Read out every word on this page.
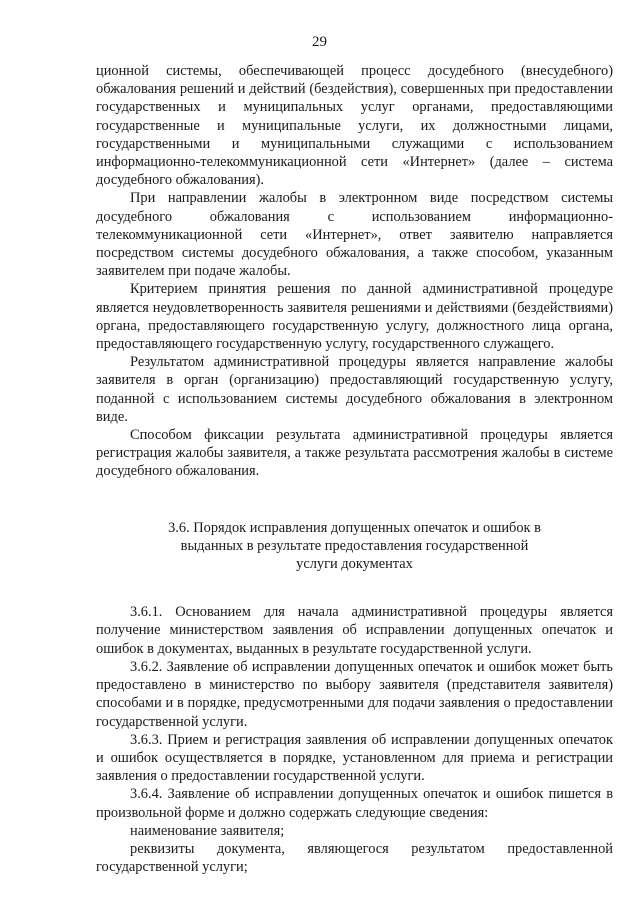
29

ционной системы, обеспечивающей процесс досудебного (внесудебного) обжалования решений и действий (бездействия), совершенных при предоставлении государственных и муниципальных услуг органами, предоставляющими государственные и муниципальные услуги, их должностными лицами, государственными и муниципальными служащими с использованием информационно-телекоммуникационной сети «Интернет» (далее – система досудебного обжалования).

При направлении жалобы в электронном виде посредством системы досудебного обжалования с использованием информационно-телекоммуникационной сети «Интернет», ответ заявителю направляется посредством системы досудебного обжалования, а также способом, указанным заявителем при подаче жалобы.

Критерием принятия решения по данной административной процедуре является неудовлетворенность заявителя решениями и действиями (бездействиями) органа, предоставляющего государственную услугу, должностного лица органа, предоставляющего государственную услугу, государственного служащего.

Результатом административной процедуры является направление жалобы заявителя в орган (организацию) предоставляющий государственную услугу, поданной с использованием системы досудебного обжалования в электронном виде.

Способом фиксации результата административной процедуры является регистрация жалобы заявителя, а также результата рассмотрения жалобы в системе досудебного обжалования.

3.6. Порядок исправления допущенных опечаток и ошибок в
выданных в результате предоставления государственной
услуги документах

3.6.1. Основанием для начала административной процедуры является получение министерством заявления об исправлении допущенных опечаток и ошибок в документах, выданных в результате государственной услуги.

3.6.2. Заявление об исправлении допущенных опечаток и ошибок может быть предоставлено в министерство по выбору заявителя (представителя заявителя) способами и в порядке, предусмотренными для подачи заявления о предоставлении государственной услуги.

3.6.3. Прием и регистрация заявления об исправлении допущенных опечаток и ошибок осуществляется в порядке, установленном для приема и регистрации заявления о предоставлении государственной услуги.

3.6.4. Заявление об исправлении допущенных опечаток и ошибок пишется в произвольной форме и должно содержать следующие сведения:

наименование заявителя;

реквизиты документа, являющегося результатом предоставленной государственной услуги;
